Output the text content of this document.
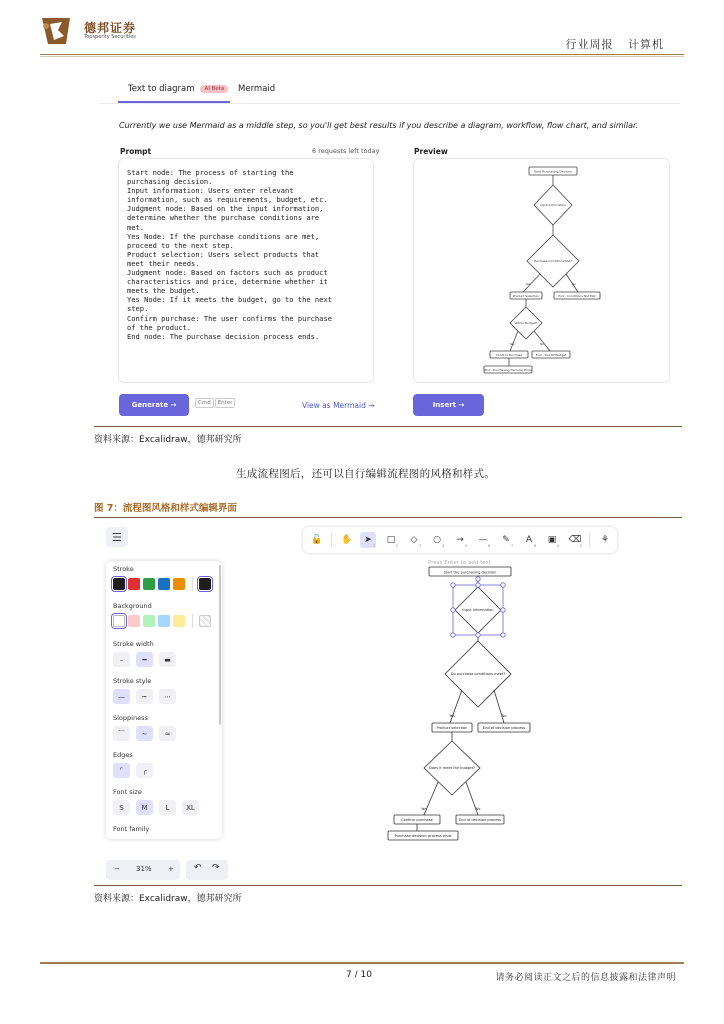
德邦证券
Topsperity Securities
行业周报 计算机
Text to diagram AI Beta	Mermaid
Currently we use Mermaid as a middle step, so you'll get best results if you describe a diagram, workflow, flow chart, and similar.
Prompt	6 requests left today	Preview
Start node: The process of starting the
purchasing decision.
Input information: Users enter relevant
information, such as requirements, budget, etc.
Judgment node: Based on the input information,
determine whether the purchase conditions are
met.
Yes Node: If the purchase conditions are met,
proceed to the next step.
Product selection: Users select products that
meet their needs.
Judgment node: Based on factors such as product
characteristics and price, determine whether it
meets the budget.
Yes Node: If it meets the budget, go to the next
step.
Confirm purchase: The user confirms the purchase
of the product.
End node: The purchase decision process ends.
Start Purchasing Decision
Input Information
Purchase Conditions Met?
Yes	No
Product Selection	End - Conditions Not Met
Within Budget?
Yes	No
Confirm Purchase	End - Out Of Budget
End - Purchasing Decision Ends
Generate →	Cmd Enter	View as Mermaid →	Insert →
资料来源：Excalidraw，德邦研究所
生成流程图后，还可以自行编辑流程图的风格和样式。
图 7：流程图风格和样式编辑界面
☰	🔓 ✋	➤	□	◇	○	→	—	✎	A	▣	⌫	⚘
1	2	3	4	5	6	7	8	9	0
Stroke
Background
Stroke width
–	━	▬
Stroke style
—	┅	⋯
Sloppiness
⌒	∼	≈
Edges
⌜	╭
Font size
S	M	L	XL
Font family
− 31% + ↶ ↷
Press Enter to add text
Start the purchasing decision
Input information
Do purchase conditions meet?
Yes	No
Product selection	End of decision process
Does it meet the budget?
Yes	No
Confirm purchase	End of decision process
Purchase decision process ends
资料来源：Excalidraw，德邦研究所
7 / 10	请务必阅读正文之后的信息披露和法律声明
